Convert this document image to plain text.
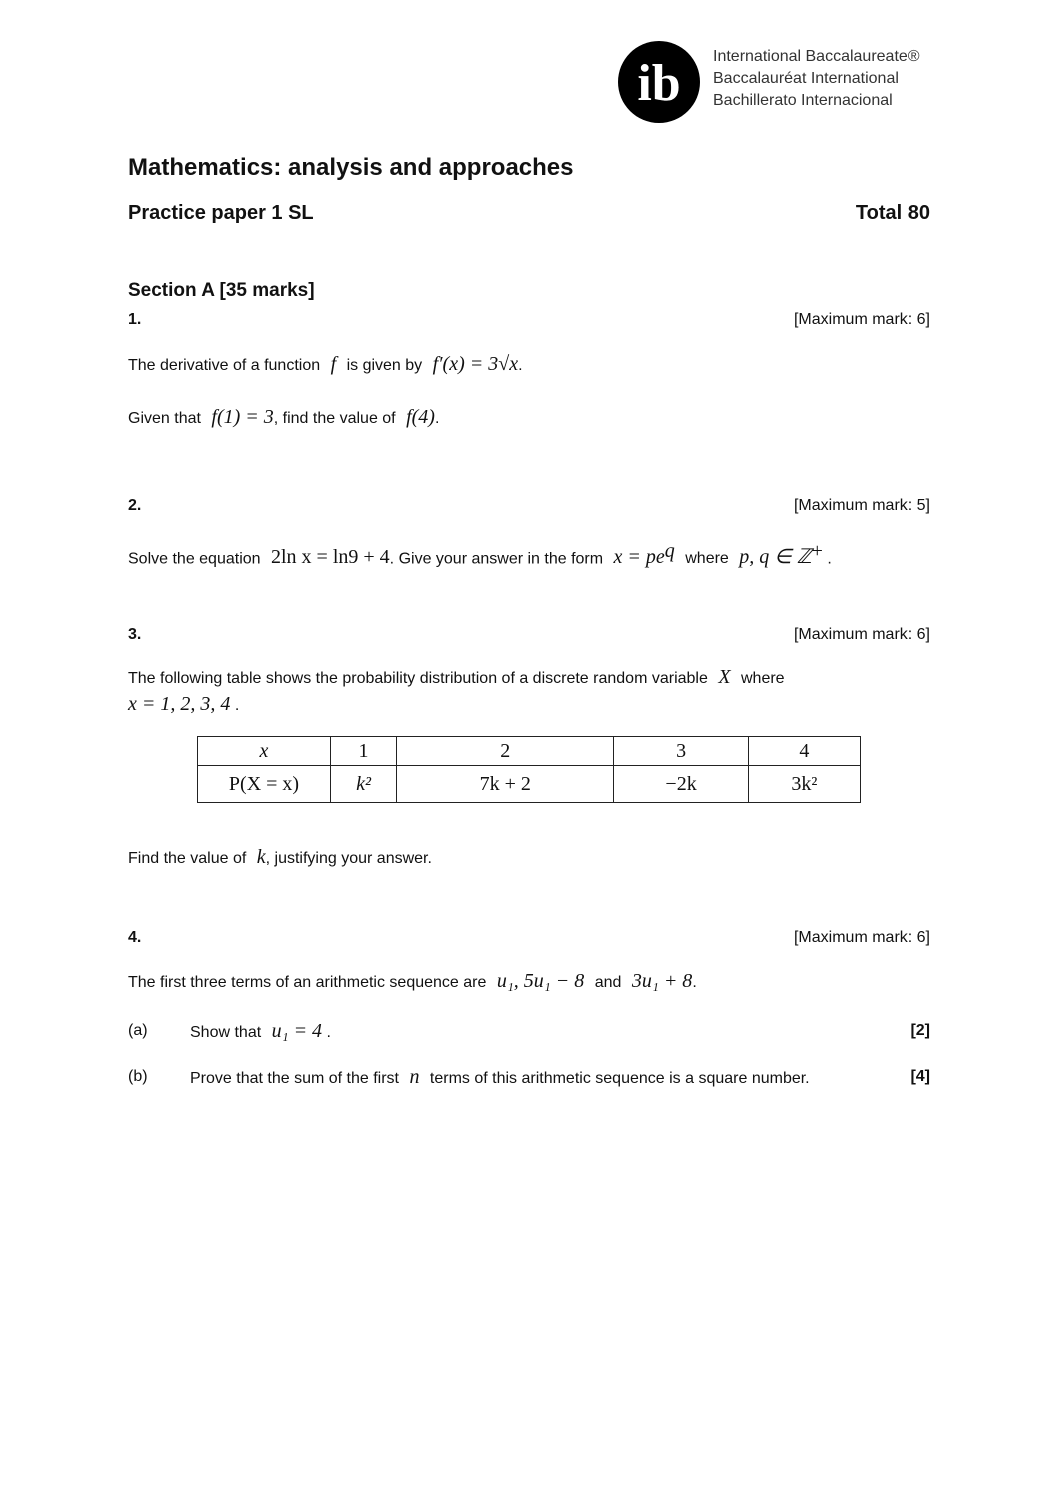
ib International Baccalaureate®
Baccalauréat International
Bachillerato Internacional
Mathematics: analysis and approaches
Practice paper 1 SL	Total 80
Section A [35 marks]
1.	[Maximum mark: 6]
The derivative of a function f is given by f′(x) = 3√x.
Given that f(1) = 3, find the value of f(4).
2.	[Maximum mark: 5]
Solve the equation 2ln x = ln9 + 4. Give your answer in the form $x = pe^q$ where p, q ∈ ℤ+ .
3.	[Maximum mark: 6]
The following table shows the probability distribution of a discrete random variable X where
x = 1, 2, 3, 4 .
x	1	2	3	4
P(X = x)	k²	7k + 2	−2k	3k²
Find the value of k, justifying your answer.
4.	[Maximum mark: 6]
The first three terms of an arithmetic sequence are u₁, 5u₁ − 8 and 3u₁ + 8.
(a)	Show that u₁ = 4 .	[2]
(b)	Prove that the sum of the first n terms of this arithmetic sequence is a square number.	[4]
